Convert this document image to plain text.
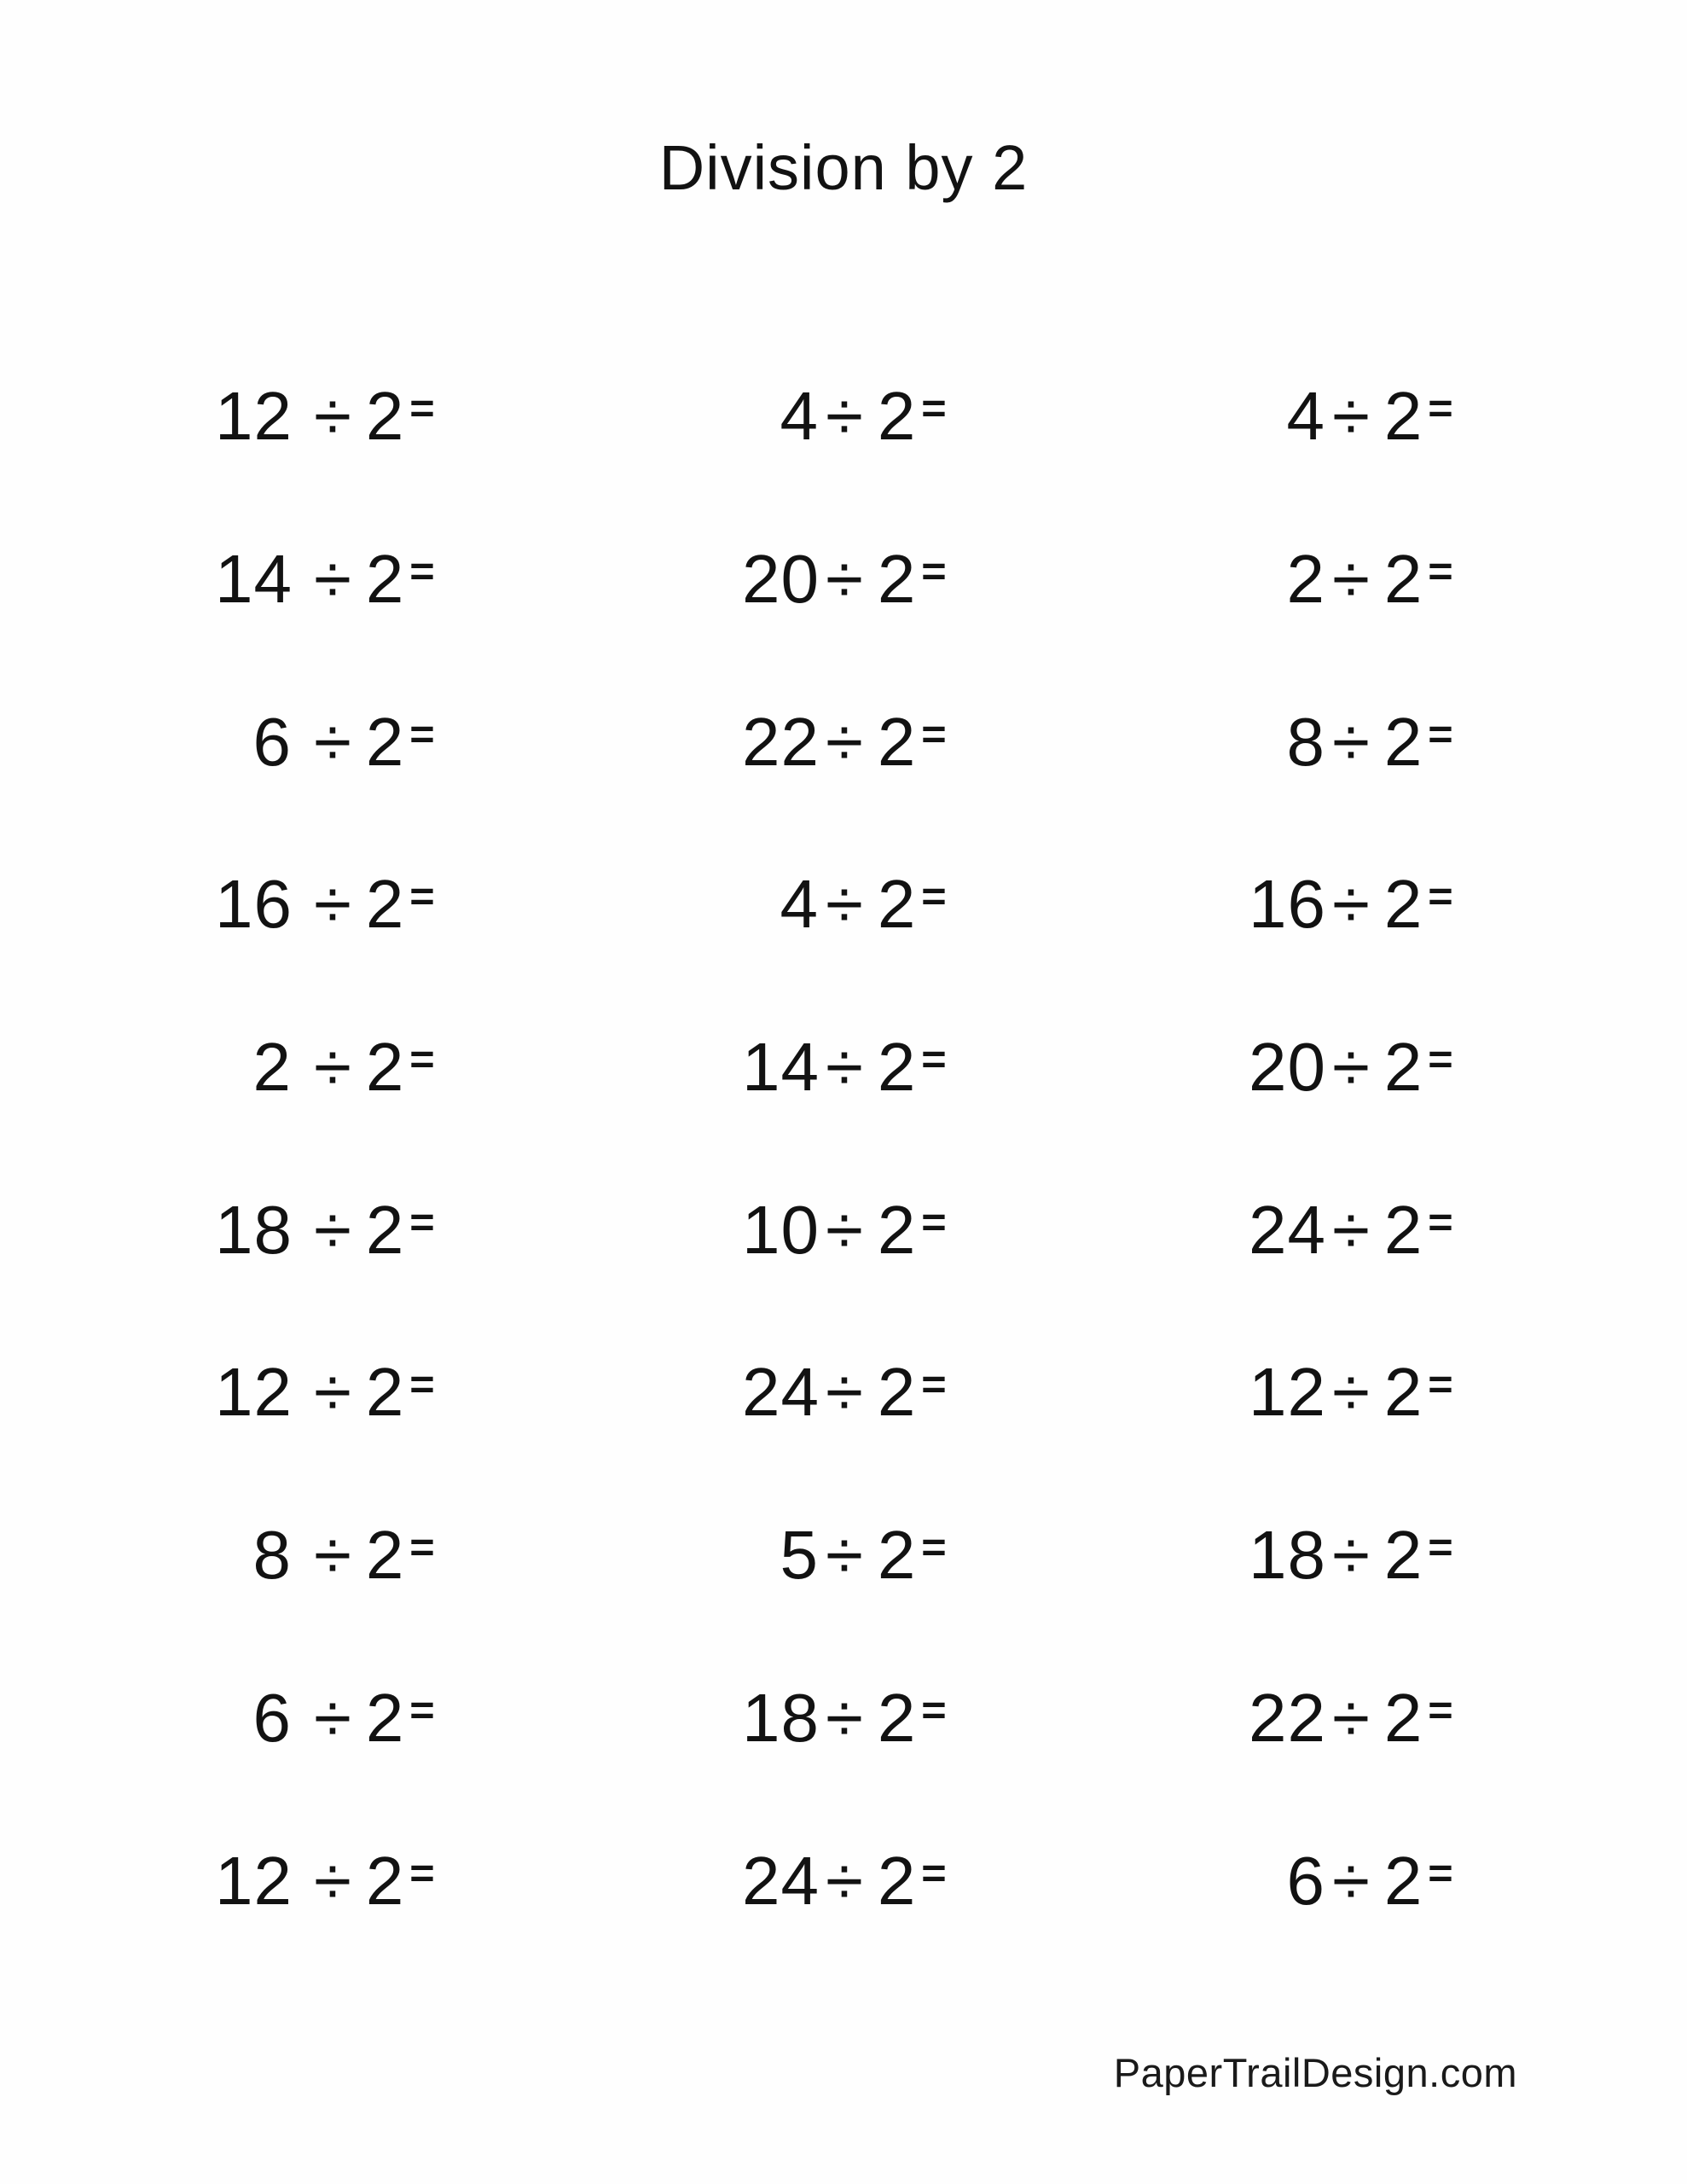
Division by 2
12 ÷ 2 =
14 ÷ 2 =
6 ÷ 2 =
16 ÷ 2 =
2 ÷ 2 =
18 ÷ 2 =
12 ÷ 2 =
8 ÷ 2 =
6 ÷ 2 =
12 ÷ 2 =
4 ÷ 2 =
20 ÷ 2 =
22 ÷ 2 =
4 ÷ 2 =
14 ÷ 2 =
10 ÷ 2 =
24 ÷ 2 =
5 ÷ 2 =
18 ÷ 2 =
24 ÷ 2 =
4 ÷ 2 =
2 ÷ 2 =
8 ÷ 2 =
16 ÷ 2 =
20 ÷ 2 =
24 ÷ 2 =
12 ÷ 2 =
18 ÷ 2 =
22 ÷ 2 =
6 ÷ 2 =
PaperTrailDesign.com
